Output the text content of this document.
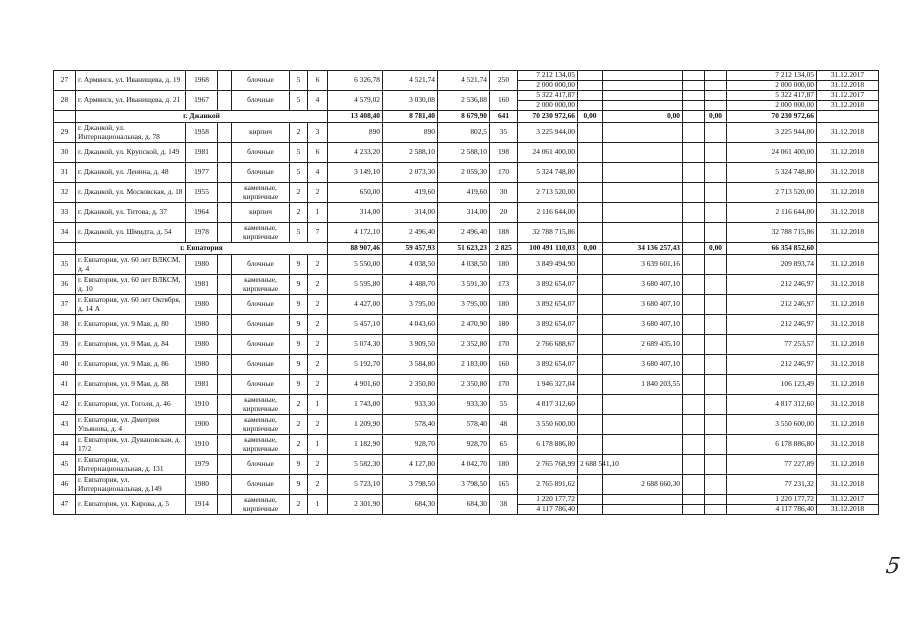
27	г. Армянск, ул. Иванищева, д. 19	1968		блочные	5	6	6 326,78	4 521,74	4 521,74	250	7 212 134,05					7 212 134,05	31.12.2017
											2 000 000,00					2 000 000,00	31.12.2018
28	г. Армянск, ул. Иванищева, д. 21	1967		блочные	5	4	4 579,02	3 030,08	2 536,88	160	5 322 417,87					5 322 417,87	31.12.2017
											2 000 000,00					2 000 000,00	31.12.2018
	г. Джанкой						13 408,40	8 781,40	8 679,90	641	70 230 972,66	0,00	0,00		0,00	70 230 972,66	
29	г. Джанкой, ул. Интернациональная, д. 78	1958		кирпич	2	3	890	890	802,5	35	3 225 944,00					3 225 944,00	31.12.2018
30	г. Джанкой, ул. Крупской, д. 149	1981		блочные	5	6	4 233,20	2 588,10	2 588,10	198	24 061 400,00					24 061 400,00	31.12.2018
31	г. Джанкой, ул. Ленина, д. 48	1977		блочные	5	4	3 149,10	2 073,30	2 059,30	170	5 324 748,80					5 324 748,80	31.12.2018
32	г. Джанкой, ул. Московская, д. 18	1955		каменные, кирпичные	2	2	650,00	419,60	419,60	30	2 713 520,00					2 713 520,00	31.12.2018
33	г. Джанкой, ул. Титова, д. 37	1964		кирпич	2	1	314,00	314,00	314,00	20	2 116 644,00					2 116 644,00	31.12.2018
34	г. Джанкой, ул. Шмидта, д. 54	1978		каменные, кирпичные	5	7	4 172,10	2 496,40	2 496,40	188	32 788 715,86					32 788 715,86	31.12.2018
	г. Евпатория						88 907,46	59 457,93	51 623,23	2 825	100 491 110,03	0,00	34 136 257,43		0,00	66 354 852,60	
35	г. Евпатория, ул. 60 лет ВЛКСМ, д. 4	1980		блочные	9	2	5 550,00	4 038,50	4 038,50	180	3 849 494,90		3 639 601,16			209 893,74	31.12.2018
36	г. Евпатория, ул. 60 лет ВЛКСМ, д. 10	1981		каменные, кирпичные	9	2	5 595,80	4 488,70	3 591,30	173	3 892 654,07		3 680 407,10			212 246,97	31.12.2018
37	г. Евпатория, ул. 60 лет Октября, д. 14 А	1980		блочные	9	2	4 427,00	3 795,00	3 795,00	180	3 892 654,07		3 680 407,10			212 246,97	31.12.2018
38	г. Евпатория, ул. 9 Мая, д. 80	1980		блочные	9	2	5 457,10	4 043,60	2 470,90	180	3 892 654,07		3 680 407,10			212 246,97	31.12.2018
39	г. Евпатория, ул. 9 Мая, д. 84	1980		блочные	9	2	5 074,30	3 909,50	2 352,80	170	2 766 688,67		2 689 435,10			77 253,57	31.12.2018
40	г. Евпатория, ул. 9 Мая, д. 86	1980		блочные	9	2	5 192,70	3 584,80	2 183,00	160	3 892 654,07		3 680 407,10			212 246,97	31.12.2018
41	г. Евпатория, ул. 9 Мая, д. 88	1981		блочные	9	2	4 901,60	2 350,80	2 350,80	170	1 946 327,04		1 840 203,55			106 123,49	31.12.2018
42	г. Евпатория, ул. Гоголя, д. 46	1910		каменные, кирпичные	2	1	1 743,00	933,30	933,30	55	4 817 312,60					4 817 312,60	31.12.2018
43	г. Евпатория, ул. Дмитрия Ульянова, д. 4	1900		каменные, кирпичные	2	2	1 209,90	578,40	578,40	48	3 550 600,00					3 550 600,00	31.12.2018
44	г. Евпатория, ул. Дувановская, д. 17/2	1910		каменные, кирпичные	2	1	1 182,90	928,70	928,70	65	6 178 886,80					6 178 886,80	31.12.2018
45	г. Евпатория, ул. Интернациональная, д. 131	1979		блочные	9	2	5 582,30	4 127,80	4 042,70	180	2 765 768,99	2 688 541,10				77 227,89	31.12.2018
46	г. Евпатория, ул. Интернациональная, д.149	1980		блочные	9	2	5 723,10	3 798,50	3 798,50	165	2 765 891,62		2 688 660,30			77 231,32	31.12.2018
47	г. Евпатория, ул. Кирова, д. 5	1914		каменные, кирпичные	2	1	2 301,90	684,30	684,30	38	1 220 177,72					1 220 177,72	31.12.2017
											4 117 786,40					4 117 786,40	31.12.2018
5
